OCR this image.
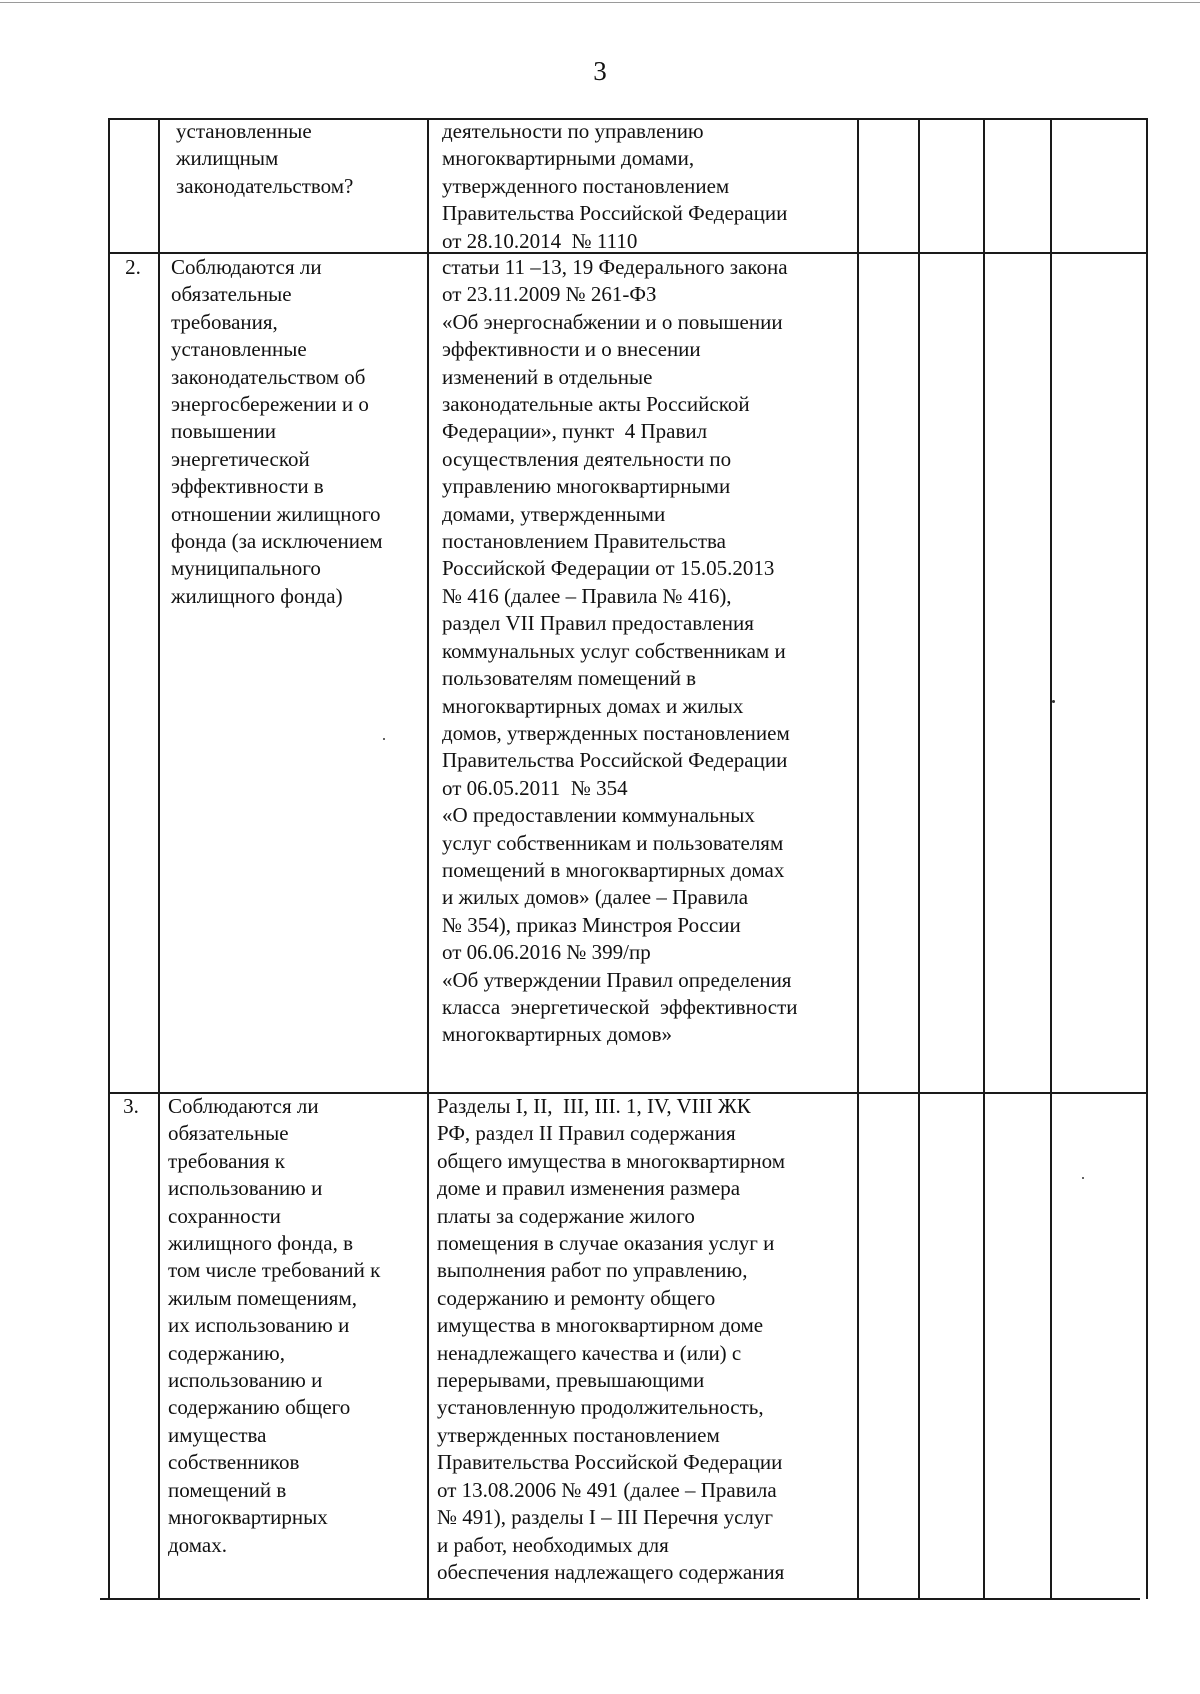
3
установленные
жилищным
законодательством?
деятельности по управлению
многоквартирными домами,
утвержденного постановлением
Правительства Российской Федерации
от 28.10.2014  № 1110
2.	Соблюдаются ли
обязательные
требования,
установленные
законодательством об
энергосбережении и о
повышении
энергетической
эффективности в
отношении жилищного
фонда (за исключением
муниципального
жилищного фонда)
статьи 11 –13, 19 Федерального закона
от 23.11.2009 № 261-ФЗ
«Об энергоснабжении и о повышении
эффективности и о внесении
изменений в отдельные
законодательные акты Российской
Федерации», пункт  4 Правил
осуществления деятельности по
управлению многоквартирными
домами, утвержденными
постановлением Правительства
Российской Федерации от 15.05.2013
№ 416 (далее – Правила № 416),
раздел VII Правил предоставления
коммунальных услуг собственникам и
пользователям помещений в
многоквартирных домах и жилых
домов, утвержденных постановлением
Правительства Российской Федерации
от 06.05.2011  № 354
«О предоставлении коммунальных
услуг собственникам и пользователям
помещений в многоквартирных домах
и жилых домов» (далее – Правила
№ 354), приказ Минстроя России
от 06.06.2016 № 399/пр
«Об утверждении Правил определения
класса  энергетической  эффективности
многоквартирных домов»
3.	Соблюдаются ли
обязательные
требования к
использованию и
сохранности
жилищного фонда, в
том числе требований к
жилым помещениям,
их использованию и
содержанию,
использованию и
содержанию общего
имущества
собственников
помещений в
многоквартирных
домах.
Разделы I, II,  III, III. 1, IV, VIII ЖК
РФ, раздел II Правил содержания
общего имущества в многоквартирном
доме и правил изменения размера
платы за содержание жилого
помещения в случае оказания услуг и
выполнения работ по управлению,
содержанию и ремонту общего
имущества в многоквартирном доме
ненадлежащего качества и (или) с
перерывами, превышающими
установленную продолжительность,
утвержденных постановлением
Правительства Российской Федерации
от 13.08.2006 № 491 (далее – Правила
№ 491), разделы I – III Перечня услуг
и работ, необходимых для
обеспечения надлежащего содержания
